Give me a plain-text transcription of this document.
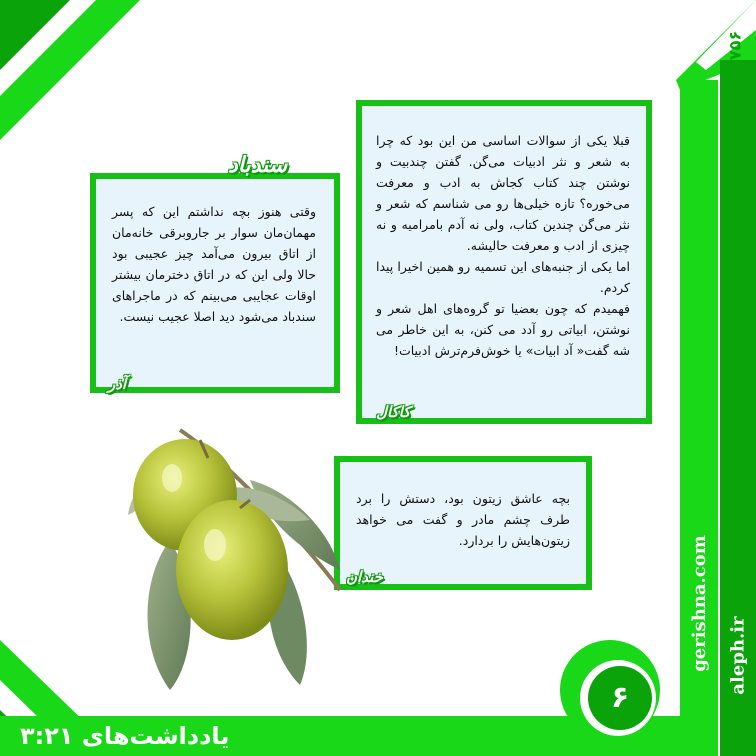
۷۵۶
gerishna.com aleph.ir
یادداشت‌های ۳:۲۱
۶

وقتی هنوز بچه نداشتم این که پسر مهمان‌مان سوار بر جاروبرقی خانه‌مان از اتاق بیرون می‌آمد چیز عجیبی بود حالا ولی این که در اتاق دخترمان بیشتر اوقات عجایبی می‌بینم که در ماجراهای سندباد می‌شود دید اصلا عجیب نیست.

سندباد
آذر

قبلا یکی از سوالات اساسی من این بود که چرا به شعر و نثر ادبیات می‌گن. گفتن چندبیت و نوشتن چند کتاب کجاش به ادب و معرفت می‌خوره؟ تازه خیلی‌ها رو می شناسم که شعر و نثر می‌گن چندین کتاب، ولی نه آدم بامرامیه و نه چیزی از ادب و معرفت حالیشه.

اما یکی از جنبه‌های این تسمیه رو همین اخیرا پیدا کردم.

فهمیدم که چون بعضیا تو گروه‌های اهل شعر و نوشتن، ابیاتی رو آدد می کنن، به این خاطر می شه گفت« آد ابیات» یا خوش‌فرم‌ترش ادبیات!

کاکال

بچه عاشق زیتون بود، دستش را برد طرف چشم مادر و گفت می خواهد زیتون‌هایش را بردارد.

خندان
